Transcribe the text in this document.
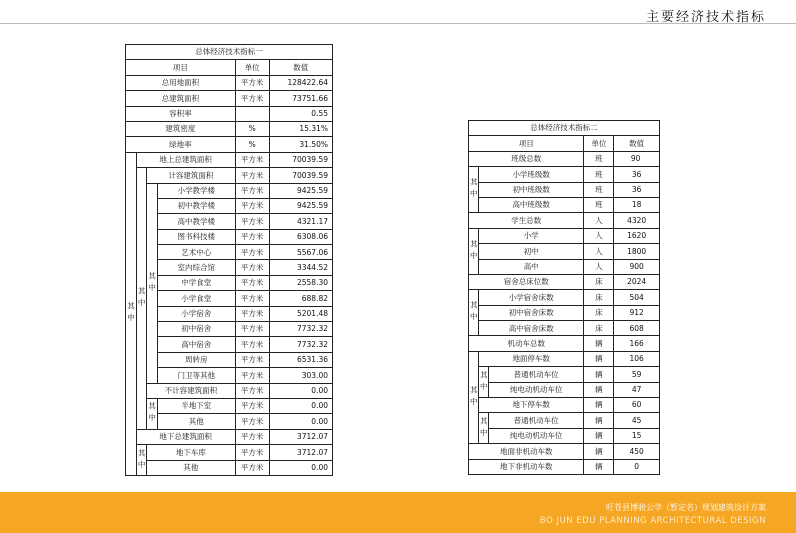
主要经济技术指标
总体经济技术指标一					
项目				单位	数值
总用地面积				平方米	128422.64
总建筑面积				平方米	73751.66
容积率					0.55
建筑密度				%	15.31%
绿地率				%	31.50%
其中	地上总建筑面积			平方米	70039.59
	其中	计容建筑面积		平方米	70039.59
		其中	小学教学楼	平方米	9425.59
			初中教学楼	平方米	9425.59
			高中教学楼	平方米	4321.17
			图书科技楼	平方米	6308.06
			艺术中心	平方米	5567.06
			室内综合馆	平方米	3344.52
			中学食堂	平方米	2558.30
			小学食堂	平方米	688.82
			小学宿舍	平方米	5201.48
			初中宿舍	平方米	7732.32
			高中宿舍	平方米	7732.32
			周转房	平方米	6531.36
			门卫等其他	平方米	303.00
		不计容建筑面积		平方米	0.00
		其中	半地下室	平方米	0.00
			其他	平方米	0.00
	地下总建筑面积			平方米	3712.07
	其中	地下车库		平方米	3712.07
		其他		平方米	0.00
总体经济技术指标二				
项目			单位	数值
班级总数			班	90
其中	小学班级数		班	36
	初中班级数		班	36
	高中班级数		班	18
学生总数			人	4320
其中	小学		人	1620
	初中		人	1800
	高中		人	900
宿舍总床位数			床	2024
其中	小学宿舍床数		床	504
	初中宿舍床数		床	912
	高中宿舍床数		床	608
机动车总数			辆	166
其中	地面停车数		辆	106
	其中	普通机动车位	辆	59
		纯电动机动车位	辆	47
	地下停车数		辆	60
	其中	普通机动车位	辆	45
		纯电动机动车位	辆	15
地面非机动车数			辆	450
地下非机动车数			辆	0
旺苍县博骏公学（暂定名）规划建筑设计方案
BO JUN EDU PLANNING ARCHITECTURAL DESIGN
